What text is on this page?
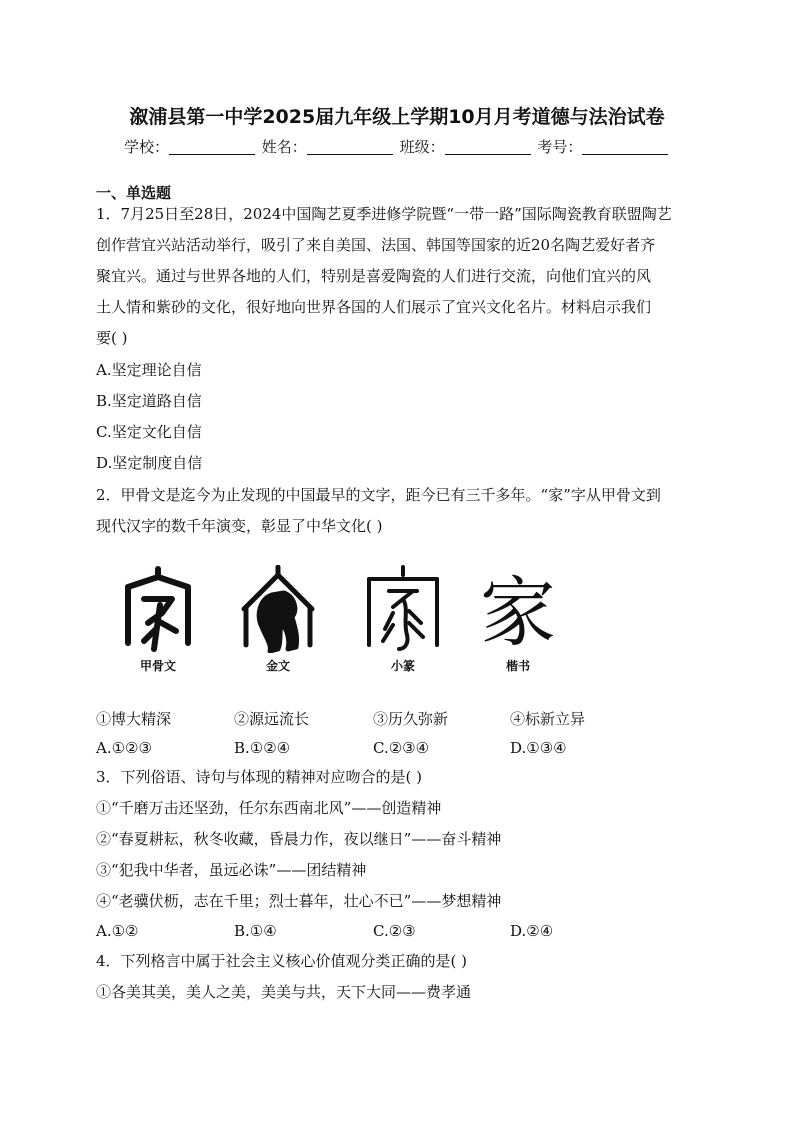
溆浦县第一中学2025届九年级上学期10月月考道德与法治试卷
学校：	姓名：	班级：	考号：
一、单选题
1．7月25日至28日，2024中国陶艺夏季进修学院暨“一带一路”国际陶瓷教育联盟陶艺
创作营宜兴站活动举行，吸引了来自美国、法国、韩国等国家的近20名陶艺爱好者齐
聚宜兴。通过与世界各地的人们，特别是喜爱陶瓷的人们进行交流，向他们宜兴的风
土人情和紫砂的文化，很好地向世界各国的人们展示了宜兴文化名片。材料启示我们
要( )
A.坚定理论自信
B.坚定道路自信
C.坚定文化自信
D.坚定制度自信
2．甲骨文是迄今为止发现的中国最早的文字，距今已有三千多年。“家”字从甲骨文到
现代汉字的数千年演变，彰显了中华文化( )
家
甲骨文	金文	小篆	楷书
①博大精深	②源远流长	③历久弥新	④标新立异
A.①②③	B.①②④	C.②③④	D.①③④
3．下列俗语、诗句与体现的精神对应吻合的是( )
①“千磨万击还坚劲，任尔东西南北风”——创造精神
②“春夏耕耘，秋冬收藏，昏晨力作，夜以继日”——奋斗精神
③“犯我中华者，虽远必诛”——团结精神
④“老骥伏枥，志在千里；烈士暮年，壮心不已”——梦想精神
A.①②	B.①④	C.②③	D.②④
4．下列格言中属于社会主义核心价值观分类正确的是( )
①各美其美，美人之美，美美与共，天下大同——费孝通
